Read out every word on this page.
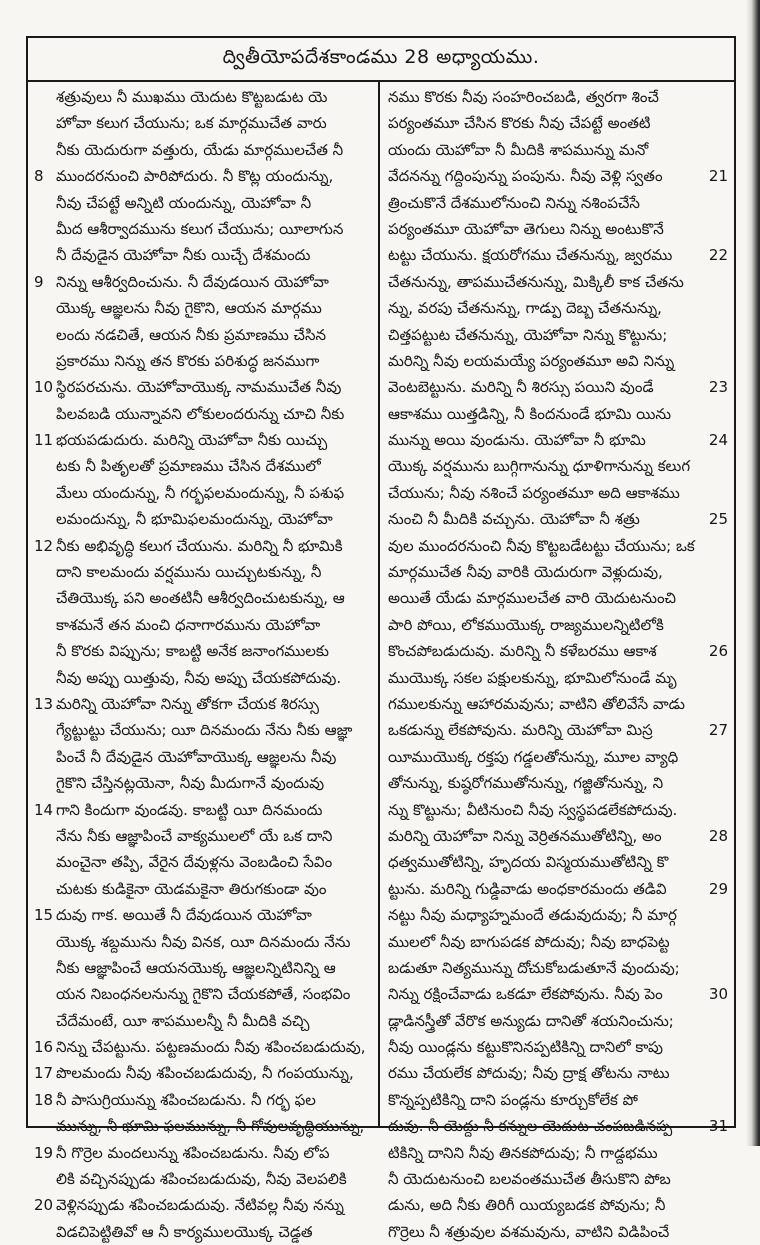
ద్వితీయోపదేశకాండము 28 అధ్యాయము.
శత్రువులు నీ ముఖము యెదుట కొట్టబడుట యె
హోవా కలుగ చేయును; ఒక మార్గముచేత వారు
నీకు యెదురుగా వత్తురు, యేడు మార్గములచేత నీ
8 ముందరనుంచి పారిపోదురు. నీ కొట్ల యందున్ను,
నీవు చేపట్టే అన్నిటి యందున్ను, యెహోవా నీ
మీద ఆశీర్వాదమును కలుగ చేయును; యీలాగున
నీ దేవుడైన యెహోవా నీకు యిచ్చే దేశమందు
9 నిన్ను ఆశీర్వదించును. నీ దేవుడయిన యెహోవా
యొక్క ఆజ్ఞలను నీవు గైకొని, ఆయన మార్గము
లందు నడచితే, ఆయన నీకు ప్రమాణము చేసిన
ప్రకారము నిన్ను తన కొరకు పరిశుద్ధ జనముగా
10 స్థిరపరచును. యెహోవాయొక్క నామముచేత నీవు
పిలవబడి యున్నావని లోకులందరున్ను చూచి నీకు
11 భయపడుదురు. మరిన్ని యెహోవా నీకు యిచ్చు
టకు నీ పితృలతో ప్రమాణము చేసిన దేశములో
మేలు యందున్ను, నీ గర్భఫలమందున్ను, నీ పశుఫ
లమందున్ను, నీ భూమిఫలమందున్ను, యెహోవా
12 నీకు అభివృద్ధి కలుగ చేయును. మరిన్ని నీ భూమికి
దాని కాలమందు వర్షమును యిచ్చుటకున్ను, నీ
చేతియొక్క పని అంతటినీ ఆశీర్వదించుటకున్ను, ఆ
కాశమనే తన మంచి ధనాగారమును యెహోవా
నీ కొరకు విప్పును; కాబట్టి అనేక జనాంగములకు
నీవు అప్పు యిత్తువు, నీవు అప్పు చేయకపోదువు.
13 మరిన్ని యెహోవా నిన్ను తోకగా చేయక శిరస్సు
గ్యేట్టుట్టు చేయును; యీ దినమందు నేను నీకు ఆజ్ఞా
పించే నీ దేవుడైన యెహోవాయొక్క ఆజ్ఞలను నీవు
గైకొని చేస్తినట్లయెనా, నీవు మీదుగానే వుందువు
14 గాని కిందుగా వుండవు. కాబట్టి యీ దినమందు
నేను నీకు ఆజ్ఞాపించే వాక్యములలో యే ఒక దాని
మంచైనా తప్పి, వేరైన దేవుళ్లను వెంబడించి సేవిం
చుటకు కుడికైనా యెడమకైనా తిరుగకుండా వుం
15 దువు గాక. అయితే నీ దేవుడయిన యెహోవా
యొక్క శబ్దమును నీవు వినక, యీ దినమందు నేను
నీకు ఆజ్ఞాపించే ఆయనయొక్క ఆజ్ఞలన్నిటినిన్ని ఆ
యన నిబంధనలనున్ను గైకొని చేయకపోతే, సంభవిం
చేదేమంటే, యీ శాపములన్నీ నీ మీదికి వచ్చి
16 నిన్ను చేపట్టును. పట్టణమందు నీవు శపించబడుదువు,
17 పొలమందు నీవు శపించబడుదువు, నీ గంపయున్ను,
18 నీ పాసుగ్రియున్ను శపించబడును. నీ గర్భ ఫల
మున్ను, నీ భూమి ఫలమున్ను, నీ గోవులవృద్ధియున్ను,
19 నీ గొర్రెల మందలున్ను శపించబడును. నీవు లోప
లికి వచ్చినప్పుడు శపించబడుదువు, నీవు వెలపలికి
20 వెళ్లినప్పుడు శపించబడుదువు. నేటివల్ల నీవు నన్ను
విడచిపెట్టితివో ఆ నీ కార్యములయొక్క చెడ్డత
నము కొరకు నీవు సంహరించబడి, త్వరగా శించే
పర్యంతమూ చేసిన కొరకు నీవు చేపట్టే అంతటి
యందు యెహోవా నీ మీదికి శాపమున్ను మనో
21
వేదనన్ను గద్దింపున్ను పంపును. నీవు వెళ్లి స్వతం
త్రించుకొనే దేశములోనుంచి నిన్ను నశింపచేసే
పర్యంతమూ యెహోవా తెగులు నిన్ను అంటుకొనే
22
టట్టు చేయును. క్షయరోగము చేతనున్ను, జ్వరము
చేతనున్ను, తాపముచేతనున్ను, మిక్కిలీ కాక చేతను
న్ను, వరపు చేతనున్ను, గాడ్పు దెబ్బ చేతనున్ను,
చిత్తపట్టుట చేతనున్ను, యెహోవా నిన్ను కొట్టును;
మరిన్ని నీవు లయమయ్యే పర్యంతమూ అవి నిన్ను
23
వెంటబెట్టును. మరిన్ని నీ శిరస్సు పయిని వుండే
ఆకాశము యిత్తడిన్ని, నీ కిందనుండే భూమి యిను
24
మున్ను అయి వుండును. యెహోవా నీ భూమి
యొక్క వర్షమును బుగ్గిగానున్ను ధూళిగానున్ను కలుగ
చేయును; నీవు నశించే పర్యంతమూ అది ఆకాశము
25
నుంచి నీ మీదికి వచ్చును. యెహోవా నీ శత్రు
వుల ముందరనుంచి నీవు కొట్టబడేటట్టు చేయును; ఒక
మార్గముచేత నీవు వారికి యెదురుగా వెళ్లుదువు,
అయితే యేడు మార్గములచేత వారి యెదుటనుంచి
పారి పోయి, లోకముయొక్క రాజ్యములన్నిటిలోకి
26
కొంచపోబడుదువు. మరిన్ని నీ కళేబరము ఆకాశ
ముయొక్క సకల పక్షులకున్ను, భూమిలోనుండే మృ
గములకున్ను ఆహారమవును; వాటిని తోలివేసే వాడు
27
ఒకడున్ను లేకపోవును. మరిన్ని యెహోవా మిస్ర
యీముయొక్క రక్తపు గడ్డలతోనున్ను, మూల వ్యాధి
తోనున్ను, కుష్ఠరోగముతోనున్ను, గజ్జితోనున్ను, ని
న్ను కొట్టును; వీటినుంచి నీవు స్వస్థపడలేకపోదువు.
28
మరిన్ని యెహోవా నిన్ను వెర్రితనముతోటిన్ని, అం
ధత్వముతోటిన్ని, హృదయ విస్మయముతోటిన్ని కొ
29
ట్టును. మరిన్ని గుడ్డివాడు అంధకారమందు తడివి
నట్టు నీవు మధ్యాహ్నమందే తడువుదువు; నీ మార్గ
ములలో నీవు బాగుపడక పోదువు; నీవు బాధపెట్ట
బడుతూ నిత్యమున్ను దోచుకోబడుతూనే వుందువు;
30
నిన్ను రక్షించేవాడు ఒకడూ లేకపోవును. నీవు పెం
డ్లాడినస్త్రీతో వేరొక అన్యుడు దానితో శయనించును;
నీవు యిండ్లను కట్టుకొనినప్పటికిన్ని దానిలో కాపు
రము చేయలేక పోదువు; నీవు ద్రాక్ష తోటను నాటు
కొన్నప్పటికిన్ని దాని పండ్లను కూర్చుకోలేక పో
31
దువు. నీ యెద్దు నీ కన్నుల యెదుట చంపబడినప్ప
టికిన్ని దానిని నీవు తినకపోదువు; నీ గాడ్దభము
నీ యెదుటనుంచి బలవంతముచేత తీసుకొని పోబ
డును, అది నీకు తిరిగీ యియ్యబడక పోవును; నీ
గొర్రెలు నీ శత్రువుల వశమవును, వాటిని విడిపించే
